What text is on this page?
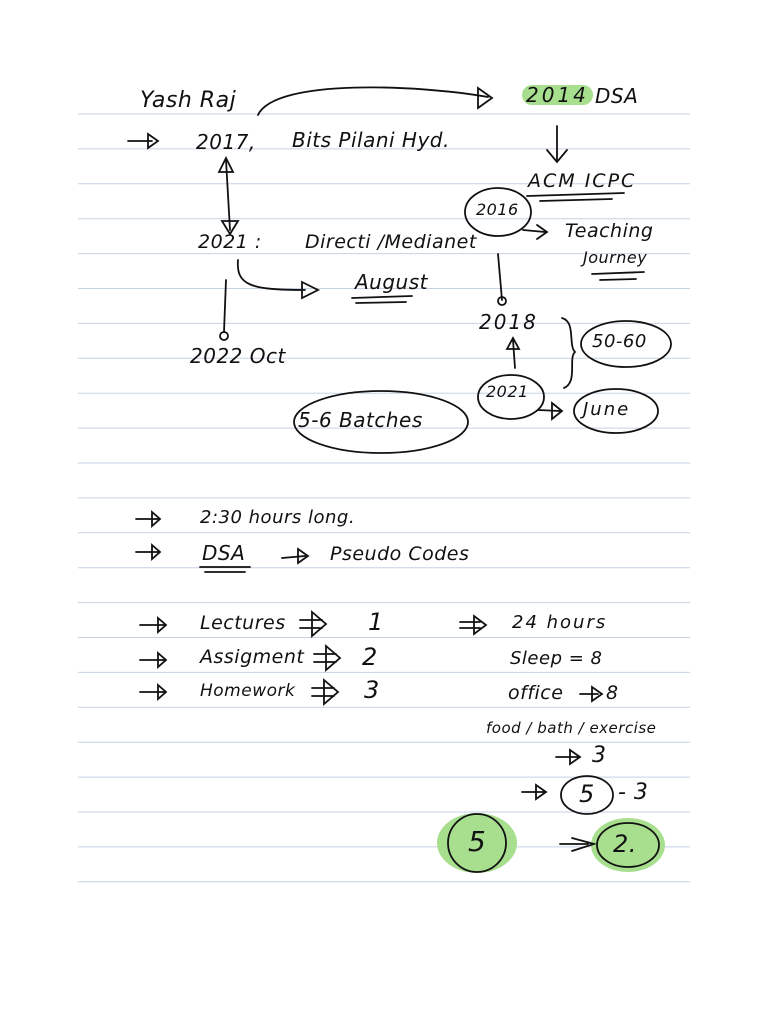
Yash Raj
2017, Bits Pilani Hyd.
2021 : Directi /Medianet
August
2022 Oct
5-6 Batches
2014 DSA
ACM ICPC
2016
Teaching
Journey
2018
2021
June
50-60
2:30 hours long.
DSA	Pseudo Codes
Lectures	1
Assigment 2
Homework	3
24 hours
Sleep = 8
office 8
food / bath / exercise
3
5 - 3
5	2.
